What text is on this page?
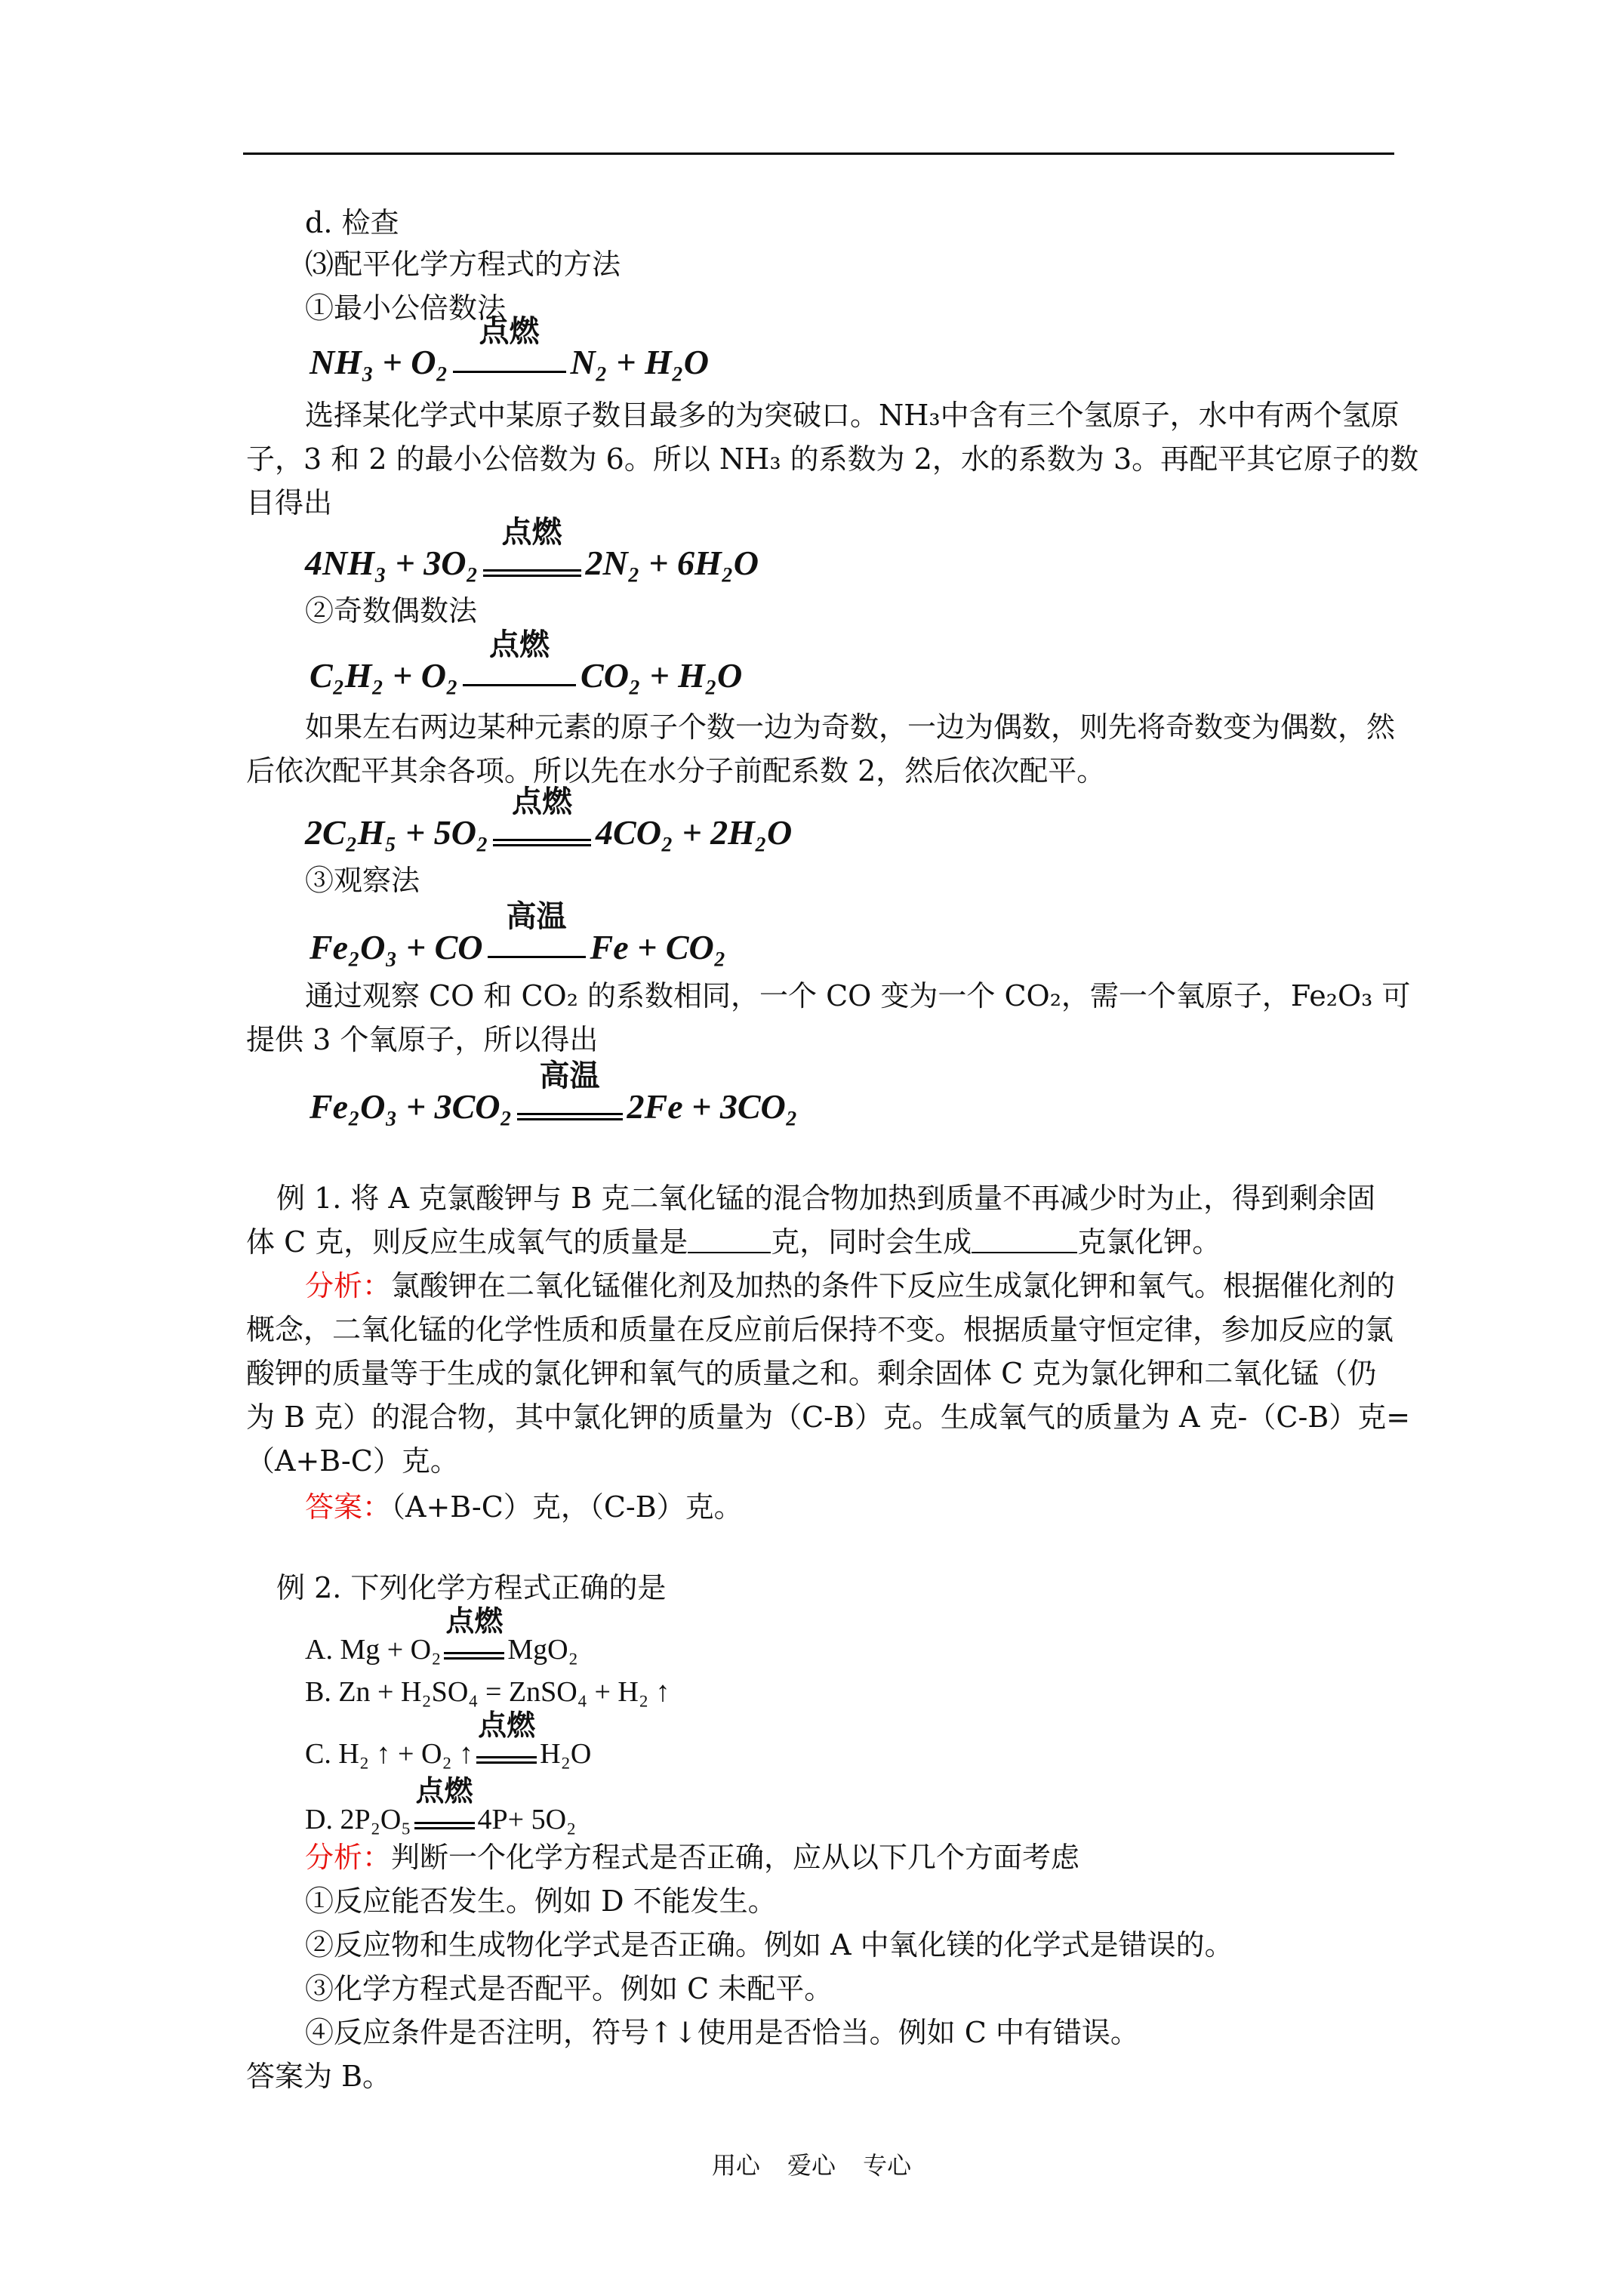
d. 检查
⑶配平化学方程式的方法
①最小公倍数法
NH₃ + O₂
点燃
N₂ + H₂O
选择某化学式中某原子数目最多的为突破口。NH₃中含有三个氢原子，水中有两个氢原
子，3 和 2 的最小公倍数为 6。所以 NH₃ 的系数为 2，水的系数为 3。再配平其它原子的数
目得出
4NH₃ + 3O₂
点燃
2N₂ + 6H₂O
②奇数偶数法
C₂H₂ + O₂
点燃
CO₂ + H₂O
如果左右两边某种元素的原子个数一边为奇数，一边为偶数，则先将奇数变为偶数，然
后依次配平其余各项。所以先在水分子前配系数 2，然后依次配平。
2C₂H₅ + 5O₂
点燃
4CO₂ + 2H₂O
③观察法
Fe₂O₃ + CO
高温
Fe + CO₂
通过观察 CO 和 CO₂ 的系数相同，一个 CO 变为一个 CO₂，需一个氧原子，Fe₂O₃ 可
提供 3 个氧原子，所以得出
Fe₂O₃ + 3CO₂
高温
2Fe + 3CO₂
例 1. 将 A 克氯酸钾与 B 克二氧化锰的混合物加热到质量不再减少时为止，得到剩余固
体 C 克，则反应生成氧气的质量是	克，同时会生成	克氯化钾。
分析：氯酸钾在二氧化锰催化剂及加热的条件下反应生成氯化钾和氧气。根据催化剂的
概念，二氧化锰的化学性质和质量在反应前后保持不变。根据质量守恒定律，参加反应的氯
酸钾的质量等于生成的氯化钾和氧气的质量之和。剩余固体 C 克为氯化钾和二氧化锰（仍
为 B 克）的混合物，其中氯化钾的质量为（C-B）克。生成氧气的质量为 A 克-（C-B）克=
（A+B-C）克。
答案：（A+B-C）克，（C-B）克。
例 2. 下列化学方程式正确的是
A. Mg + O₂
点燃
MgO₂
B. Zn + H₂SO₄ = ZnSO₄ + H₂ ↑
C. H₂ ↑ + O₂ ↑
点燃
H₂O
D. 2P₂O₅
点燃
4P+ 5O₂
分析：判断一个化学方程式是否正确，应从以下几个方面考虑
①反应能否发生。例如 D 不能发生。
②反应物和生成物化学式是否正确。例如 A 中氧化镁的化学式是错误的。
③化学方程式是否配平。例如 C 未配平。
④反应条件是否注明，符号↑↓使用是否恰当。例如 C 中有错误。
答案为 B。
用心 爱心 专心
